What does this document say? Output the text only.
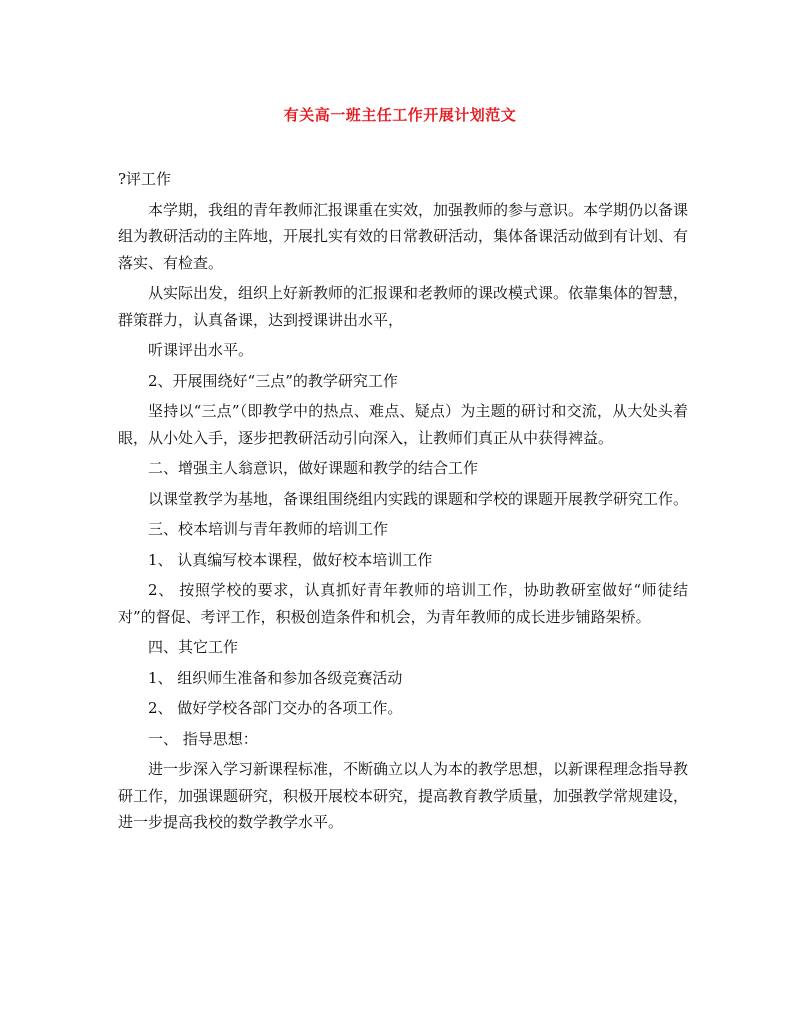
有关高一班主任工作开展计划范文

?评工作

本学期，我组的青年教师汇报课重在实效，加强教师的参与意识。本学期仍以备课组为教研活动的主阵地，开展扎实有效的日常教研活动，集体备课活动做到有计划、有落实、有检查。

从实际出发，组织上好新教师的汇报课和老教师的课改模式课。依靠集体的智慧，群策群力，认真备课，达到授课讲出水平，

听课评出水平。

2、开展围绕好“三点”的教学研究工作

坚持以“三点”（即教学中的热点、难点、疑点）为主题的研讨和交流，从大处头着眼，从小处入手，逐步把教研活动引向深入，让教师们真正从中获得裨益。

二、增强主人翁意识，做好课题和教学的结合工作

以课堂教学为基地，备课组围绕组内实践的课题和学校的课题开展教学研究工作。

三、校本培训与青年教师的培训工作

1、 认真编写校本课程，做好校本培训工作

2、 按照学校的要求，认真抓好青年教师的培训工作，协助教研室做好“师徒结对”的督促、考评工作，积极创造条件和机会，为青年教师的成长进步铺路架桥。

四、其它工作

1、 组织师生准备和参加各级竞赛活动

2、 做好学校各部门交办的各项工作。

一、 指导思想：

进一步深入学习新课程标准，不断确立以人为本的教学思想，以新课程理念指导教研工作，加强课题研究，积极开展校本研究，提高教育教学质量，加强教学常规建设，进一步提高我校的数学教学水平。
